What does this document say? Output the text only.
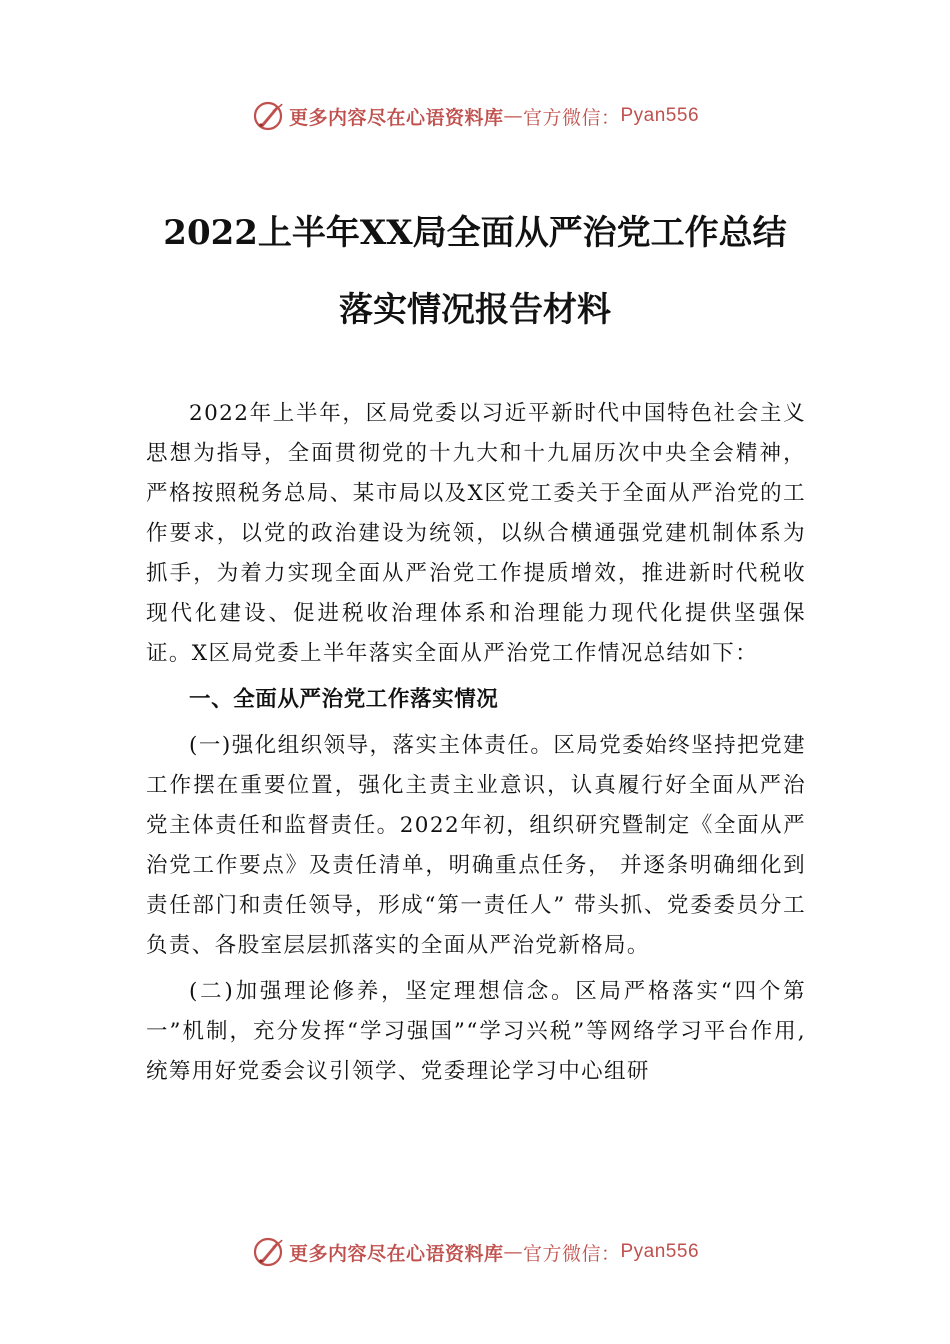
更多内容尽在心语资料库 — 官方微信： Pyan556
2022上半年XX局全面从严治党工作总结
落实情况报告材料

2022年上半年，区局党委以习近平新时代中国特色社会主义思想为指导，全面贯彻党的十九大和十九届历次中央全会精神，严格按照税务总局、某市局以及X区党工委关于全面从严治党的工作要求，以党的政治建设为统领，以纵合横通强党建机制体系为抓手，为着力实现全面从严治党工作提质增效，推进新时代税收现代化建设、促进税收治理体系和治理能力现代化提供坚强保证。X区局党委上半年落实全面从严治党工作情况总结如下：

一、全面从严治党工作落实情况

(一)强化组织领导，落实主体责任。区局党委始终坚持把党建工作摆在重要位置，强化主责主业意识，认真履行好全面从严治党主体责任和监督责任。2022年初，组织研究暨制定《全面从严治党工作要点》及责任清单，明确重点任务， 并逐条明确细化到责任部门和责任领导，形成“第一责任人” 带头抓、党委委员分工负责、各股室层层抓落实的全面从严治党新格局。

(二)加强理论修养，坚定理想信念。区局严格落实“四个第一”机制，充分发挥“学习强国”“学习兴税”等网络学习平台作用,统筹用好党委会议引领学、党委理论学习中心组研

更多内容尽在心语资料库 — 官方微信： Pyan556
